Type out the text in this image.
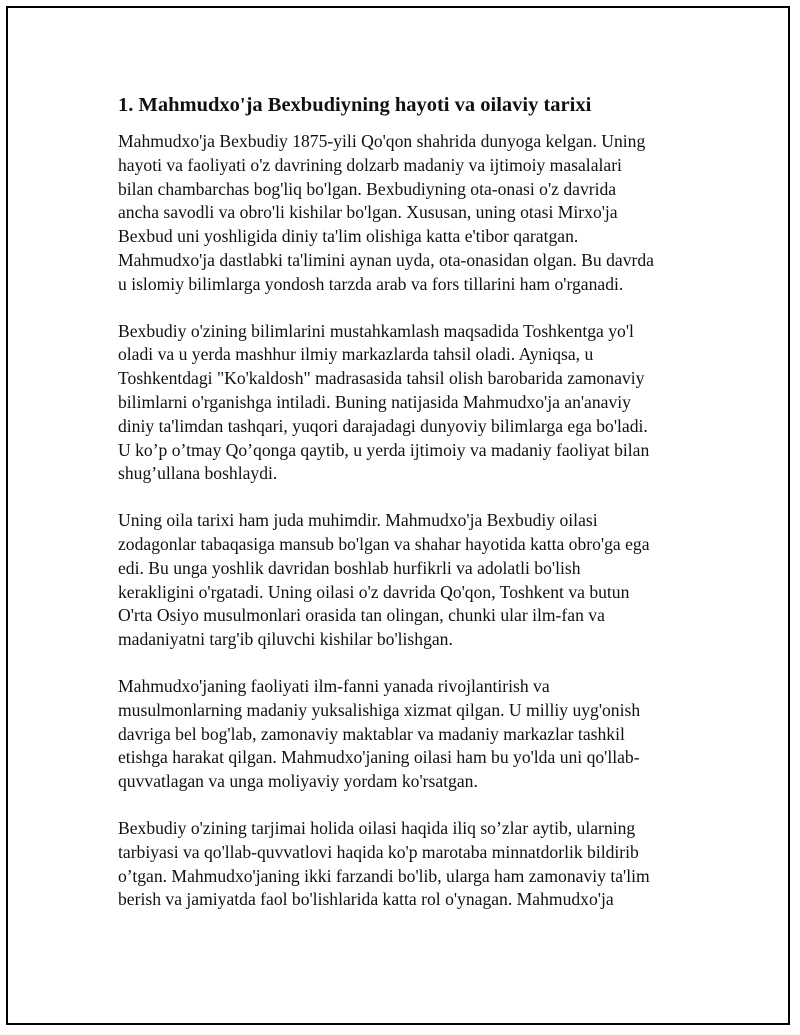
1. Mahmudxo'ja Bexbudiyning hayoti va oilaviy tarixi
Mahmudxo'ja Bexbudiy 1875-yili Qo'qon shahrida dunyoga kelgan. Uning
hayoti va faoliyati o'z davrining dolzarb madaniy va ijtimoiy masalalari
bilan chambarchas bog'liq bo'lgan. Bexbudiyning ota-onasi o'z davrida
ancha savodli va obro'li kishilar bo'lgan. Xususan, uning otasi Mirxo'ja
Bexbud uni yoshligida diniy ta'lim olishiga katta e'tibor qaratgan.
Mahmudxo'ja dastlabki ta'limini aynan uyda, ota-onasidan olgan. Bu davrda
u islomiy bilimlarga yondosh tarzda arab va fors tillarini ham o'rganadi.
Bexbudiy o'zining bilimlarini mustahkamlash maqsadida Toshkentga yo'l
oladi va u yerda mashhur ilmiy markazlarda tahsil oladi. Ayniqsa, u
Toshkentdagi "Ko'kaldosh" madrasasida tahsil olish barobarida zamonaviy
bilimlarni o'rganishga intiladi. Buning natijasida Mahmudxo'ja an'anaviy
diniy ta'limdan tashqari, yuqori darajadagi dunyoviy bilimlarga ega bo'ladi.
U ko’p o’tmay Qo’qonga qaytib, u yerda ijtimoiy va madaniy faoliyat bilan
shug’ullana boshlaydi.
Uning oila tarixi ham juda muhimdir. Mahmudxo'ja Bexbudiy oilasi
zodagonlar tabaqasiga mansub bo'lgan va shahar hayotida katta obro'ga ega
edi. Bu unga yoshlik davridan boshlab hurfikrli va adolatli bo'lish
kerakligini o'rgatadi. Uning oilasi o'z davrida Qo'qon, Toshkent va butun
O'rta Osiyo musulmonlari orasida tan olingan, chunki ular ilm-fan va
madaniyatni targ'ib qiluvchi kishilar bo'lishgan.
Mahmudxo'janing faoliyati ilm-fanni yanada rivojlantirish va
musulmonlarning madaniy yuksalishiga xizmat qilgan. U milliy uyg'onish
davriga bel bog'lab, zamonaviy maktablar va madaniy markazlar tashkil
etishga harakat qilgan. Mahmudxo'janing oilasi ham bu yo'lda uni qo'llab-
quvvatlagan va unga moliyaviy yordam ko'rsatgan.
Bexbudiy o'zining tarjimai holida oilasi haqida iliq so’zlar aytib, ularning
tarbiyasi va qo'llab-quvvatlovi haqida ko'p marotaba minnatdorlik bildirib
o’tgan. Mahmudxo'janing ikki farzandi bo'lib, ularga ham zamonaviy ta'lim
berish va jamiyatda faol bo'lishlarida katta rol o'ynagan. Mahmudxo'ja
